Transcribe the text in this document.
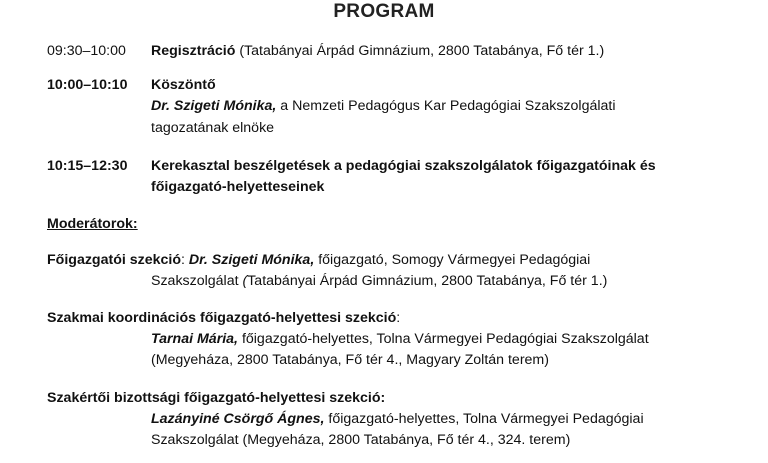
PROGRAM
09:30–10:00 Regisztráció (Tatabányai Árpád Gimnázium, 2800 Tatabánya, Fő tér 1.)
10:00–10:10 Köszöntő
Dr. Szigeti Mónika, a Nemzeti Pedagógus Kar Pedagógiai Szakszolgálati
tagozatának elnöke
10:15–12:30 Kerekasztal beszélgetések a pedagógiai szakszolgálatok főigazgatóinak és
főigazgató-helyetteseinek
Moderátorok:
Főigazgatói szekció: Dr. Szigeti Mónika, főigazgató, Somogy Vármegyei Pedagógiai
Szakszolgálat (Tatabányai Árpád Gimnázium, 2800 Tatabánya, Fő tér 1.)
Szakmai koordinációs főigazgató-helyettesi szekció:
Tarnai Mária, főigazgató-helyettes, Tolna Vármegyei Pedagógiai Szakszolgálat
(Megyeháza, 2800 Tatabánya, Fő tér 4., Magyary Zoltán terem)
Szakértői bizottsági főigazgató-helyettesi szekció:
Lazányiné Csörgő Ágnes, főigazgató-helyettes, Tolna Vármegyei Pedagógiai
Szakszolgálat (Megyeháza, 2800 Tatabánya, Fő tér 4., 324. terem)
